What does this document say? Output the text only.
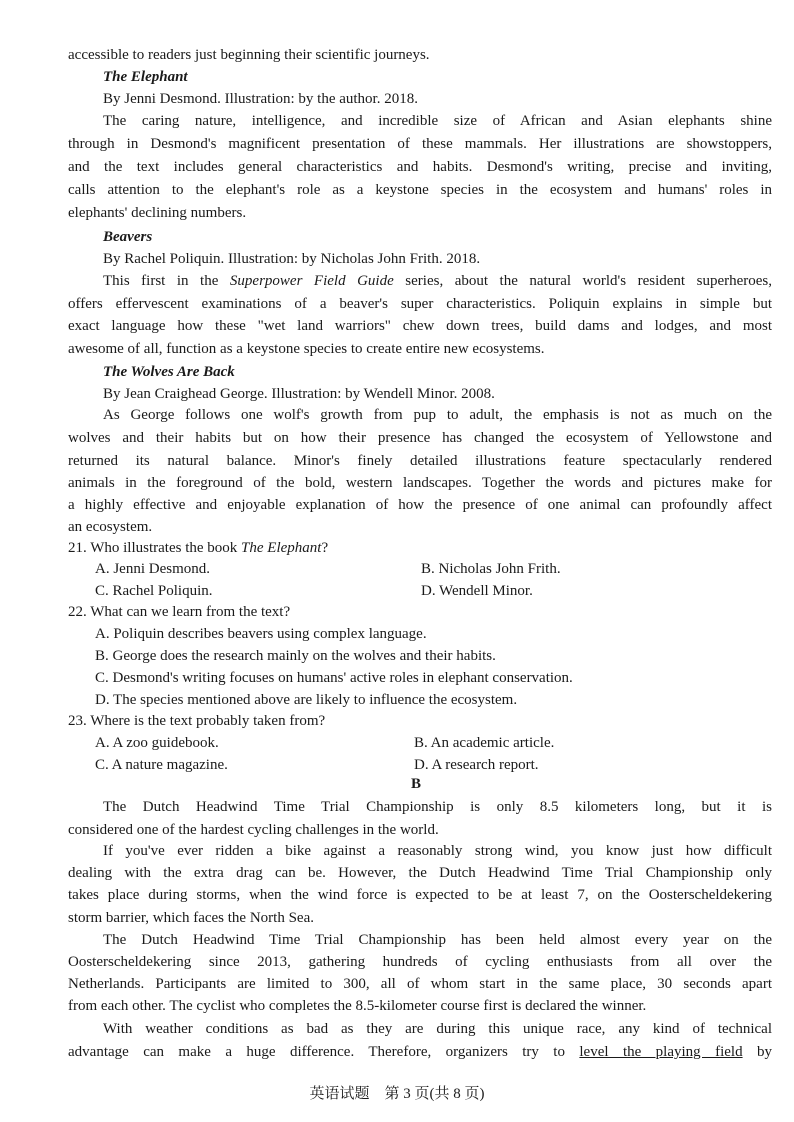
accessible to readers just beginning their scientific journeys.
The Elephant
By Jenni Desmond. Illustration: by the author. 2018.
The caring nature, intelligence, and incredible size of African and Asian elephants shine
through in Desmond's magnificent presentation of these mammals. Her illustrations are showstoppers,
and the text includes general characteristics and habits. Desmond's writing, precise and inviting,
calls attention to the elephant's role as a keystone species in the ecosystem and humans' roles in
elephants' declining numbers.
Beavers
By Rachel Poliquin. Illustration: by Nicholas John Frith. 2018.
This first in the Superpower Field Guide series, about the natural world's resident superheroes,
offers effervescent examinations of a beaver's super characteristics. Poliquin explains in simple but
exact language how these "wet land warriors" chew down trees, build dams and lodges, and most
awesome of all, function as a keystone species to create entire new ecosystems.
The Wolves Are Back
By Jean Craighead George. Illustration: by Wendell Minor. 2008.
As George follows one wolf's growth from pup to adult, the emphasis is not as much on the
wolves and their habits but on how their presence has changed the ecosystem of Yellowstone and
returned its natural balance. Minor's finely detailed illustrations feature spectacularly rendered
animals in the foreground of the bold, western landscapes. Together the words and pictures make for
a highly effective and enjoyable explanation of how the presence of one animal can profoundly affect
an ecosystem.
21. Who illustrates the book The Elephant?
A. Jenni Desmond.	B. Nicholas John Frith.
C. Rachel Poliquin.	D. Wendell Minor.
22. What can we learn from the text?
A. Poliquin describes beavers using complex language.
B. George does the research mainly on the wolves and their habits.
C. Desmond's writing focuses on humans' active roles in elephant conservation.
D. The species mentioned above are likely to influence the ecosystem.
23. Where is the text probably taken from?
A. A zoo guidebook.	B. An academic article.
C. A nature magazine.	D. A research report.
B
The Dutch Headwind Time Trial Championship is only 8.5 kilometers long, but it is
considered one of the hardest cycling challenges in the world.
If you've ever ridden a bike against a reasonably strong wind, you know just how difficult
dealing with the extra drag can be. However, the Dutch Headwind Time Trial Championship only
takes place during storms, when the wind force is expected to be at least 7, on the Oosterscheldekering
storm barrier, which faces the North Sea.
The Dutch Headwind Time Trial Championship has been held almost every year on the
Oosterscheldekering since 2013, gathering hundreds of cycling enthusiasts from all over the
Netherlands. Participants are limited to 300, all of whom start in the same place, 30 seconds apart
from each other. The cyclist who completes the 8.5-kilometer course first is declared the winner.
With weather conditions as bad as they are during this unique race, any kind of technical
advantage can make a huge difference. Therefore, organizers try to level the playing field by
英语试题　第 3 页(共 8 页)
